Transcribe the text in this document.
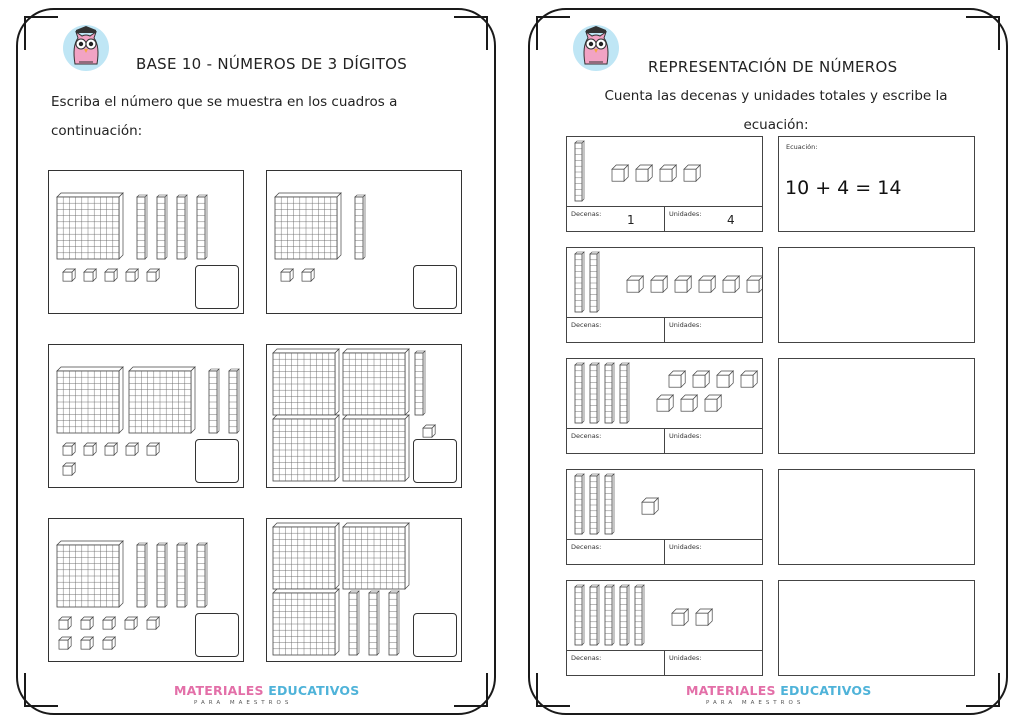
BASE 10 - NÚMEROS DE 3 DÍGITOS
Escriba el número que se muestra en los cuadros a
continuación:
MATERIALES EDUCATIVOS
PARA MAESTROS
REPRESENTACIÓN DE NÚMEROS
Cuenta las decenas y unidades totales y escribe la
ecuación:
Decenas: 1	Unidades: 4
Ecuación:
10 + 4 = 14
Decenas:	Unidades:
Decenas:	Unidades:
Decenas:	Unidades:
Decenas:	Unidades:
MATERIALES EDUCATIVOS
PARA MAESTROS
